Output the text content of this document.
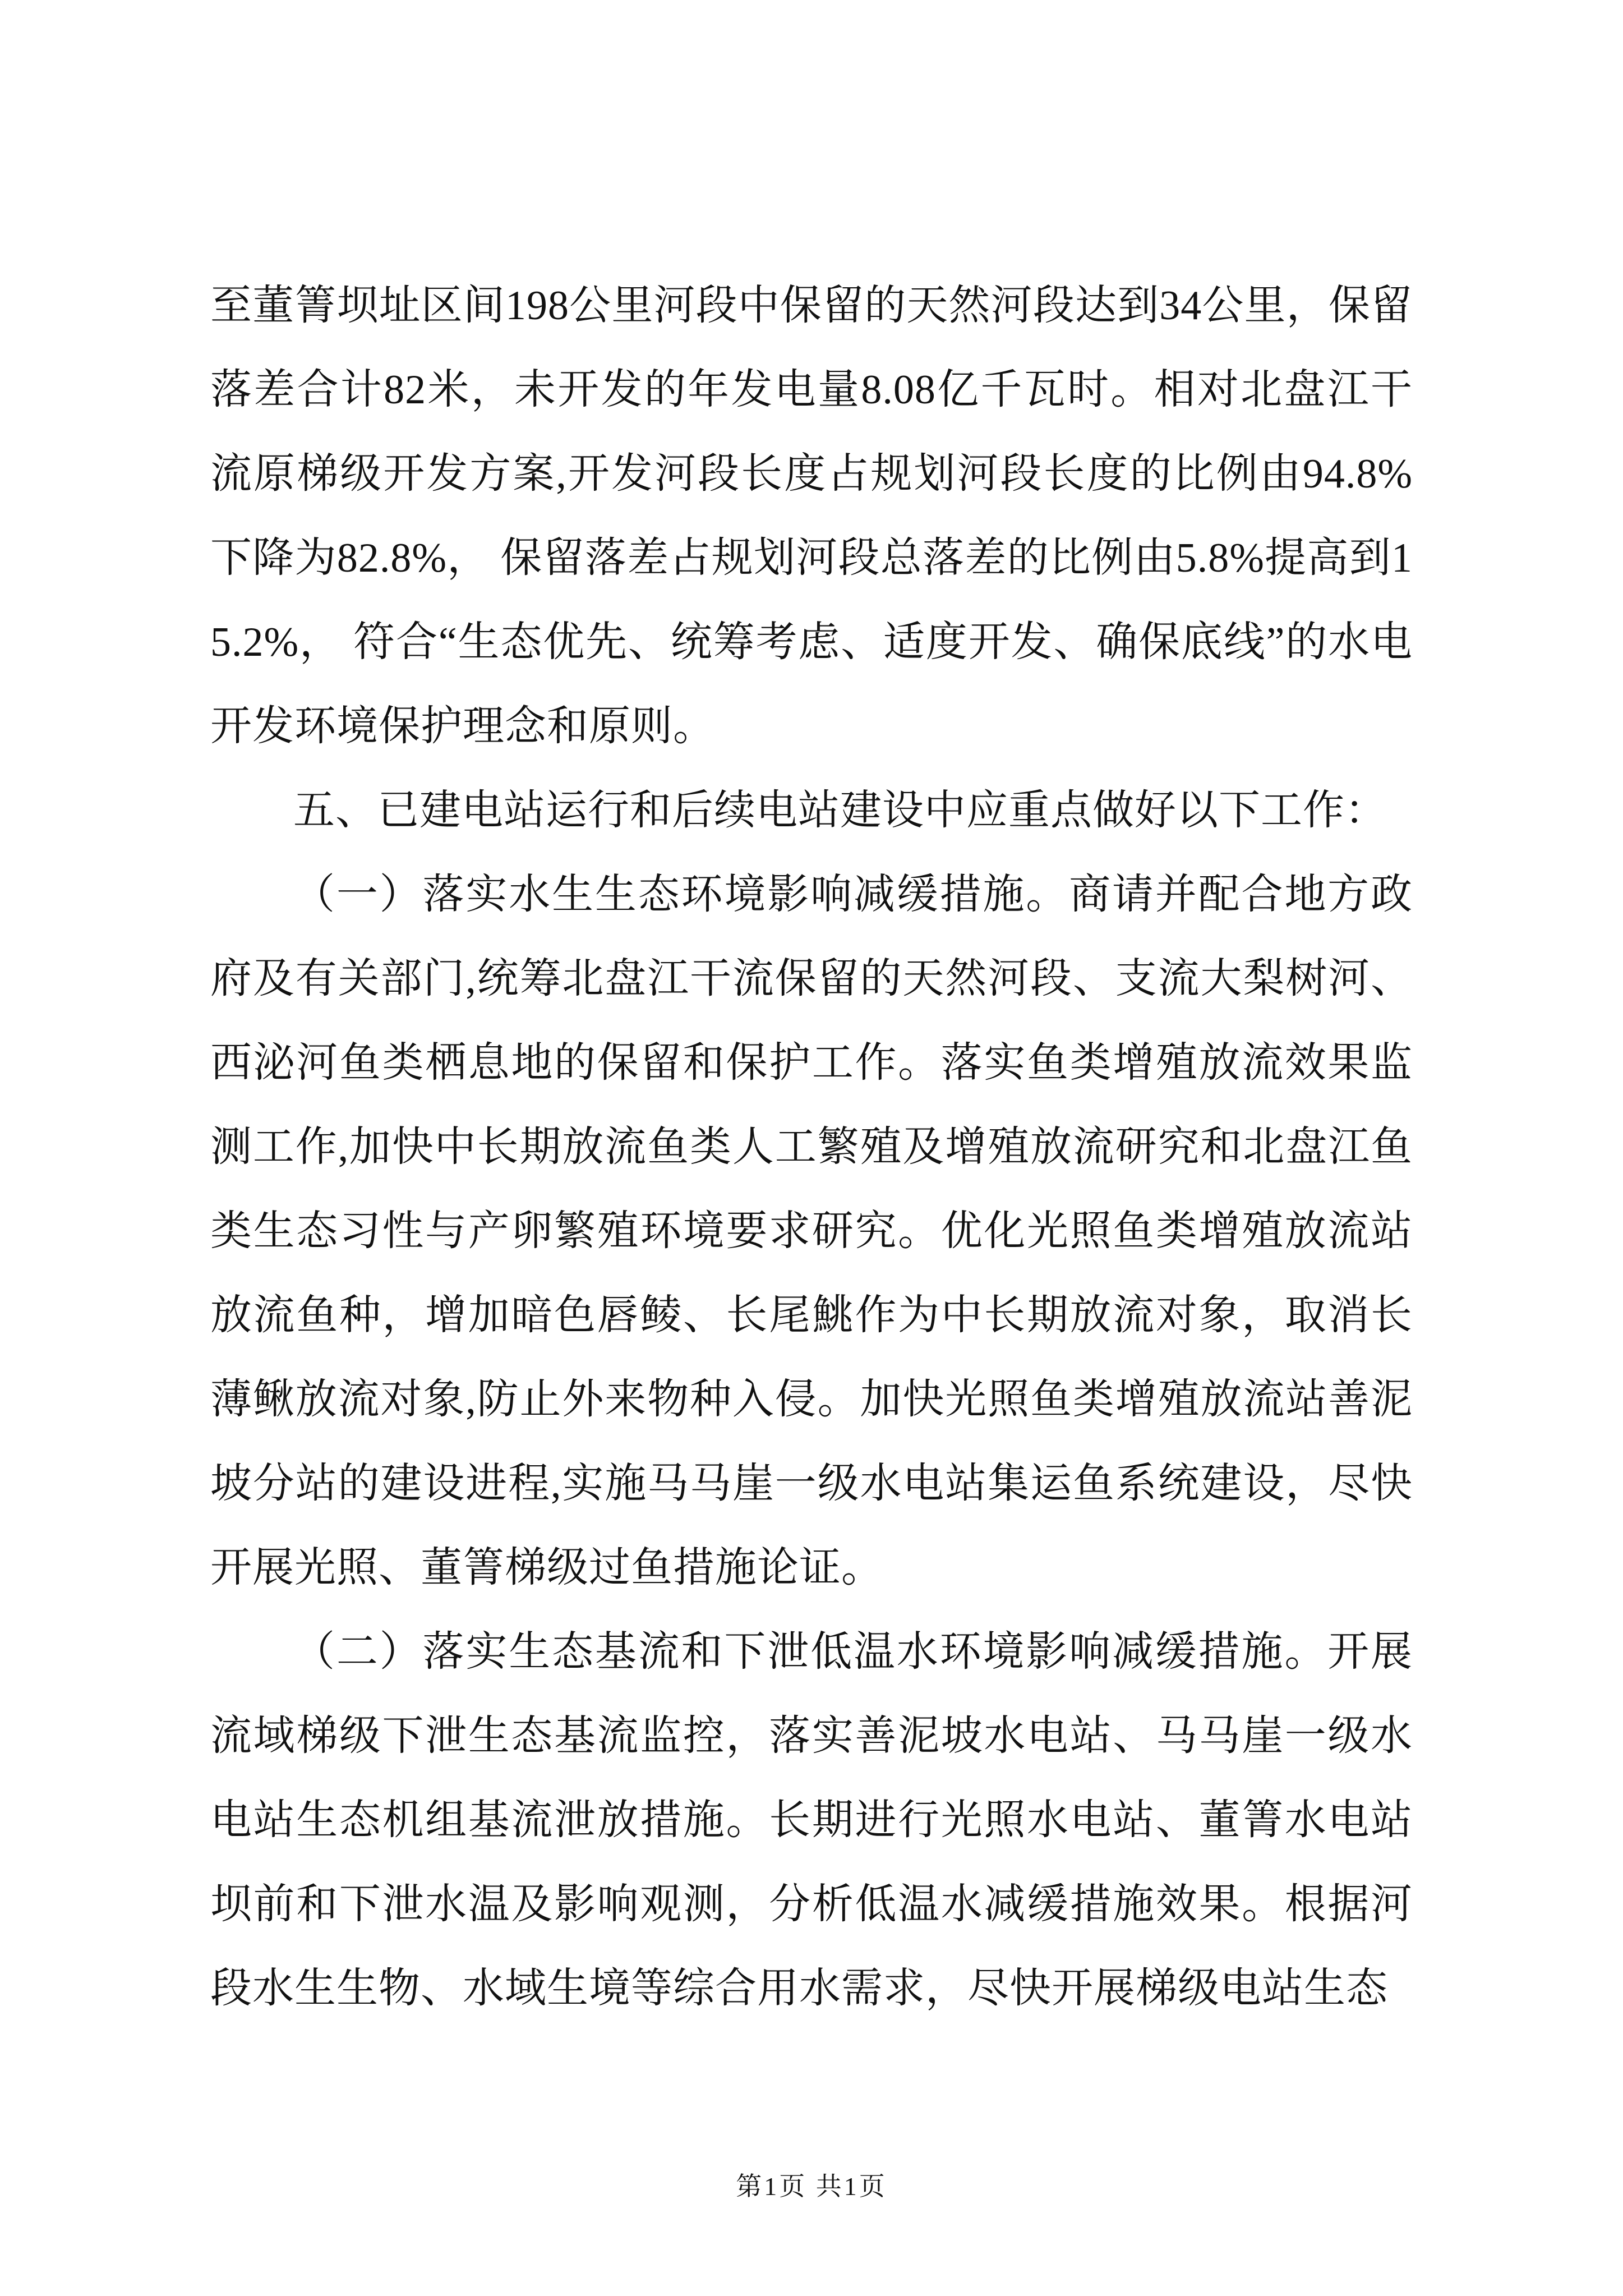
至董箐坝址区间198公里河段中保留的天然河段达到34公里，保留落差合计82米，未开发的年发电量8.08亿千瓦时。相对北盘江干流原梯级开发方案,开发河段长度占规划河段长度的比例由94.8%下降为82.8%， 保留落差占规划河段总落差的比例由5.8%提高到15.2%， 符合“生态优先、统筹考虑、适度开发、确保底线”的水电开发环境保护理念和原则。

五、已建电站运行和后续电站建设中应重点做好以下工作：

（一）落实水生生态环境影响减缓措施。商请并配合地方政府及有关部门,统筹北盘江干流保留的天然河段、支流大梨树河、西泌河鱼类栖息地的保留和保护工作。落实鱼类增殖放流效果监测工作,加快中长期放流鱼类人工繁殖及增殖放流研究和北盘江鱼类生态习性与产卵繁殖环境要求研究。优化光照鱼类增殖放流站放流鱼种，增加暗色唇鲮、长尾鮡作为中长期放流对象，取消长薄鳅放流对象,防止外来物种入侵。加快光照鱼类增殖放流站善泥坡分站的建设进程,实施马马崖一级水电站集运鱼系统建设，尽快开展光照、董箐梯级过鱼措施论证。

（二）落实生态基流和下泄低温水环境影响减缓措施。开展流域梯级下泄生态基流监控，落实善泥坡水电站、马马崖一级水电站生态机组基流泄放措施。长期进行光照水电站、董箐水电站坝前和下泄水温及影响观测，分析低温水减缓措施效果。根据河段水生生物、水域生境等综合用水需求，尽快开展梯级电站生态

第1页 共1页
